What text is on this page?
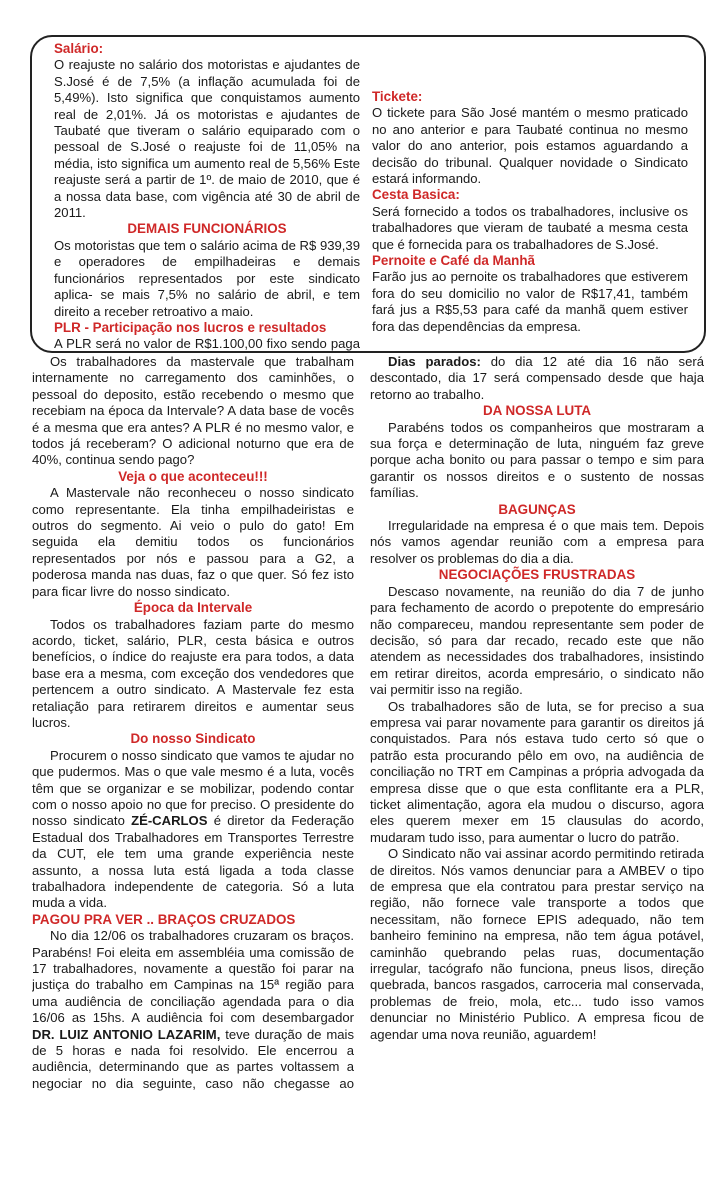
Salário:

O reajuste no salário dos motoristas e ajudantes de S.José é de 7,5% (a inflação acumulada foi de 5,49%). Isto significa que conquistamos aumento real de 2,01%. Já os motoristas e ajudantes de Taubaté que tiveram o salário equiparado com o pessoal de S.José o reajuste foi de 11,05% na média, isto significa um aumento real de 5,56% Este reajuste será a partir de 1º. de maio de 2010, que é a nossa data base, com vigência até 30 de abril de 2011.

DEMAIS FUNCIONÁRIOS

Os motoristas que tem o salário acima de R$ 939,39 e operadores de empilhadeiras e demais funcionários representados por este sindicato aplica- se mais 7,5% no salário de abril, e tem direito a receber retroativo a maio.

PLR - Participação nos lucros e resultados

A PLR será no valor de R$1.100,00 fixo sendo paga

Tickete:

O tickete para São José mantém o mesmo praticado no ano anterior e para Taubaté continua no mesmo valor do ano anterior, pois estamos aguardando a decisão do tribunal. Qualquer novidade o Sindicato estará informando.

Cesta Basica:

Será fornecido a todos os trabalhadores, inclusive os trabalhadores que vieram de taubaté a mesma cesta que é fornecida para os trabalhadores de S.José.

Pernoite e Café da Manhã

Farão jus ao pernoite os trabalhadores que estiverem fora do seu domicilio no valor de R$17,41, também fará jus a R$5,53 para café da manhã quem estiver fora das dependências da empresa.

Os trabalhadores da mastervale que trabalham internamente no carregamento dos caminhões, o pessoal do deposito, estão recebendo o mesmo que recebiam na época da Intervale? A data base de vocês é a mesma que era antes? A PLR é no mesmo valor, e todos já receberam? O adicional noturno que era de 40%, continua sendo pago?

Veja o que aconteceu!!!

A Mastervale não reconheceu o nosso sindicato como representante. Ela tinha empilhadeiristas e outros do segmento. Ai veio o pulo do gato! Em seguida ela demitiu todos os funcionários representados por nós e passou para a G2, a poderosa manda nas duas, faz o que quer. Só fez isto para ficar livre do nosso sindicato.

Época da Intervale

Todos os trabalhadores faziam parte do mesmo acordo, ticket, salário, PLR, cesta básica e outros benefícios, o índice do reajuste era para todos, a data base era a mesma, com exceção dos vendedores que pertencem a outro sindicato. A Mastervale fez esta retaliação para retirarem direitos e aumentar seus lucros.

Do nosso Sindicato

Procurem o nosso sindicato que vamos te ajudar no que pudermos. Mas o que vale mesmo é a luta, vocês têm que se organizar e se mobilizar, podendo contar com o nosso apoio no que for preciso. O presidente do nosso sindicato ZÉ-CARLOS é diretor da Federação Estadual dos Trabalhadores em Transportes Terrestre da CUT, ele tem uma grande experiência neste assunto, a nossa luta está ligada a toda classe trabalhadora independente de categoria. Só a luta muda a vida.

PAGOU PRA VER .. BRAÇOS CRUZADOS

No dia 12/06 os trabalhadores cruzaram os braços. Parabéns! Foi eleita em assembléia uma comissão de 17 trabalhadores, novamente a questão foi parar na justiça do trabalho em Campinas na 15ª região para uma audiência de conciliação agendada para o dia 16/06 as 15hs. A audiência foi com desembargador DR. LUIZ ANTONIO LAZARIM, teve duração de mais de 5 horas e nada foi resolvido. Ele encerrou a audiência, determinando que as partes voltassem a negociar no dia seguinte, caso não chegasse ao

Dias parados: do dia 12 até dia 16 não será descontado, dia 17 será compensado desde que haja retorno ao trabalho.

DA NOSSA LUTA

Parabéns todos os companheiros que mostraram a sua força e determinação de luta, ninguém faz greve porque acha bonito ou para passar o tempo e sim para garantir os nossos direitos e o sustento de nossas famílias.

BAGUNÇAS

Irregularidade na empresa é o que mais tem. Depois nós vamos agendar reunião com a empresa para resolver os problemas do dia a dia.

NEGOCIAÇÕES FRUSTRADAS

Descaso novamente, na reunião do dia 7 de junho para fechamento de acordo o prepotente do empresário não compareceu, mandou representante sem poder de decisão, só para dar recado, recado este que não atendem as necessidades dos trabalhadores, insistindo em retirar direitos, acorda empresário, o sindicato não vai permitir isso na região.

Os trabalhadores são de luta, se for preciso a sua empresa vai parar novamente para garantir os direitos já conquistados. Para nós estava tudo certo só que o patrão esta procurando pêlo em ovo, na audiência de conciliação no TRT em Campinas a própria advogada da empresa disse que o que esta conflitante era a PLR, ticket alimentação, agora ela mudou o discurso, agora eles querem mexer em 15 clausulas do acordo, mudaram tudo isso, para aumentar o lucro do patrão.

O Sindicato não vai assinar acordo permitindo retirada de direitos. Nós vamos denunciar para a AMBEV o tipo de empresa que ela contratou para prestar serviço na região, não fornece vale transporte a todos que necessitam, não fornece EPIS adequado, não tem banheiro feminino na empresa, não tem água potável, caminhão quebrando pelas ruas, documentação irregular, tacógrafo não funciona, pneus lisos, direção quebrada, bancos rasgados, carroceria mal conservada, problemas de freio, mola, etc... tudo isso vamos denunciar no Ministério Publico. A empresa ficou de agendar uma nova reunião, aguardem!
